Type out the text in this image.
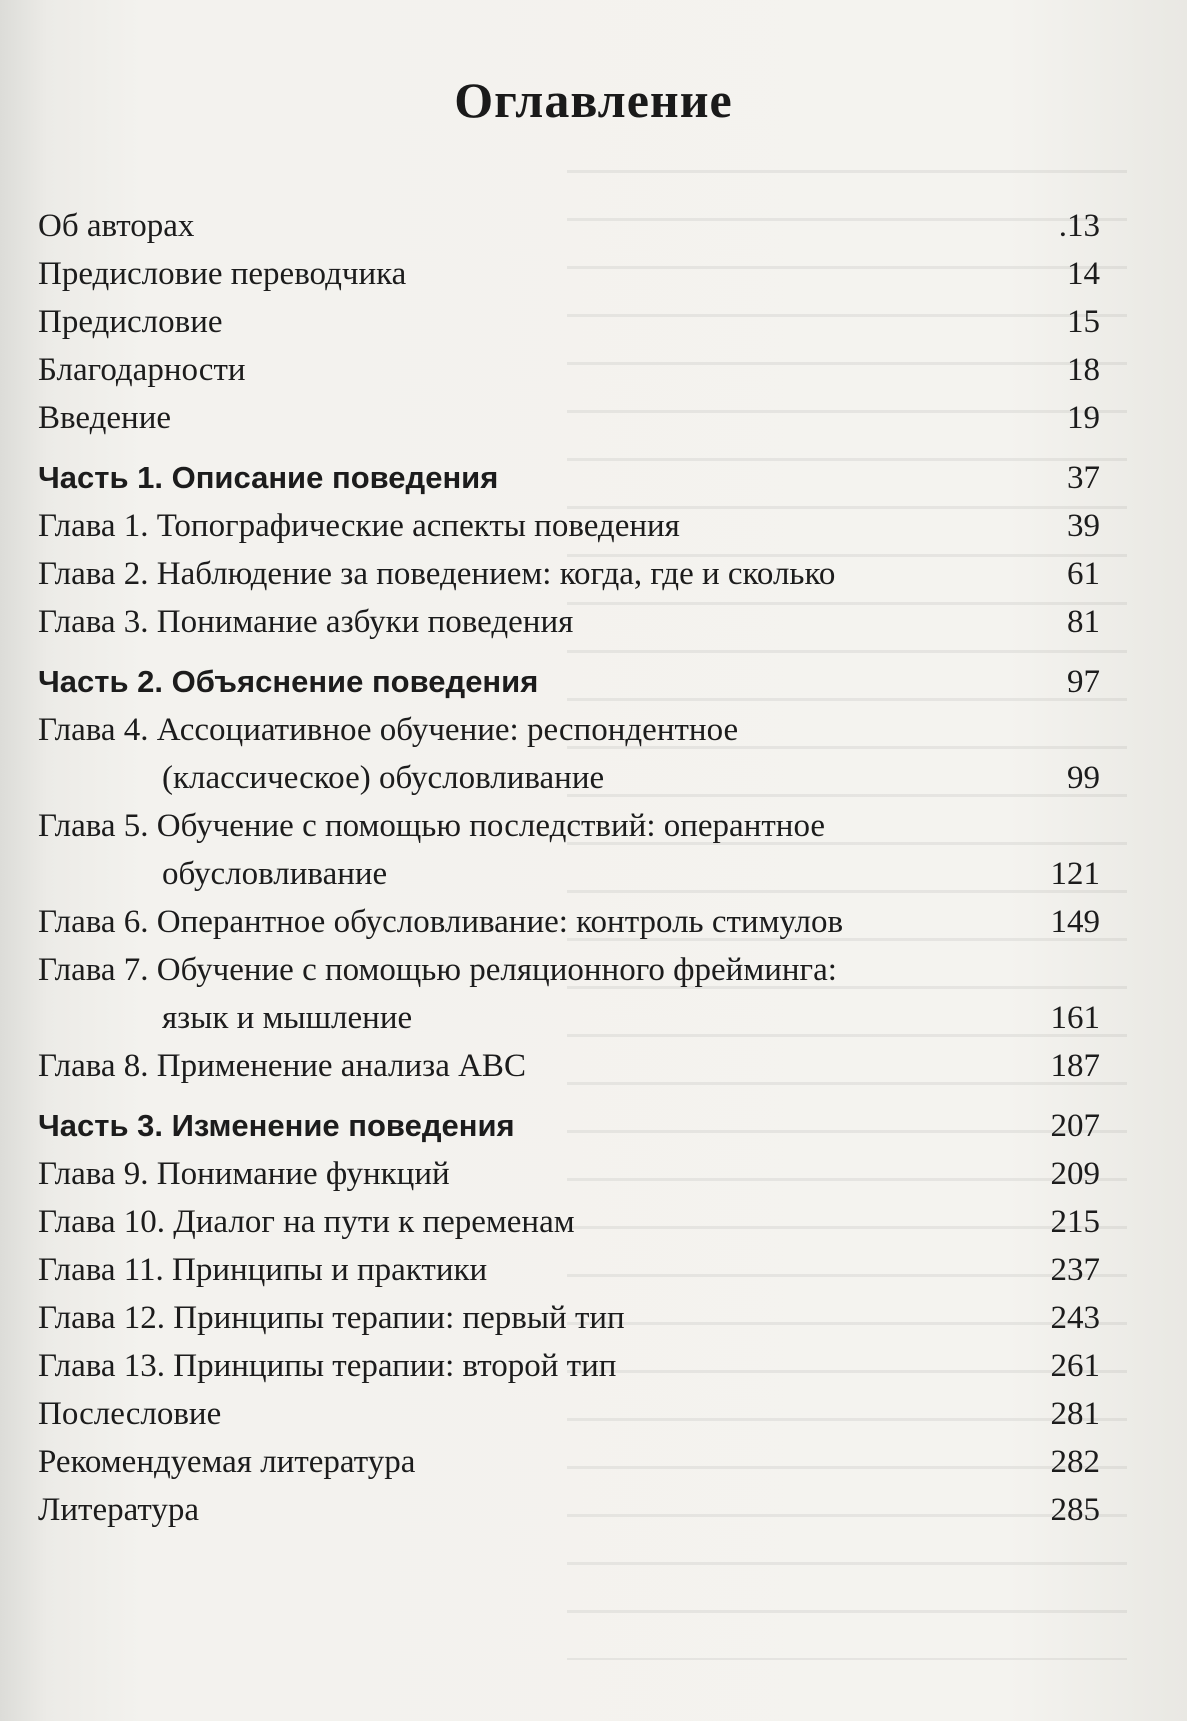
Оглавление
Об авторах	.13
Предисловие переводчика	14
Предисловие	15
Благодарности	18
Введение	19
Часть 1. Описание поведения	37
Глава 1. Топографические аспекты поведения	39
Глава 2. Наблюдение за поведением: когда, где и сколько	61
Глава 3. Понимание азбуки поведения	81
Часть 2. Объяснение поведения	97
Глава 4. Ассоциативное обучение: респондентное
(классическое) обусловливание	99
Глава 5. Обучение с помощью последствий: оперантное
обусловливание	121
Глава 6. Оперантное обусловливание: контроль стимулов	149
Глава 7. Обучение с помощью реляционного фрейминга:
язык и мышление	161
Глава 8. Применение анализа ABC	187
Часть 3. Изменение поведения	207
Глава 9. Понимание функций	209
Глава 10. Диалог на пути к переменам	215
Глава 11. Принципы и практики	237
Глава 12. Принципы терапии: первый тип	243
Глава 13. Принципы терапии: второй тип	261
Послесловие	281
Рекомендуемая литература	282
Литература	285
